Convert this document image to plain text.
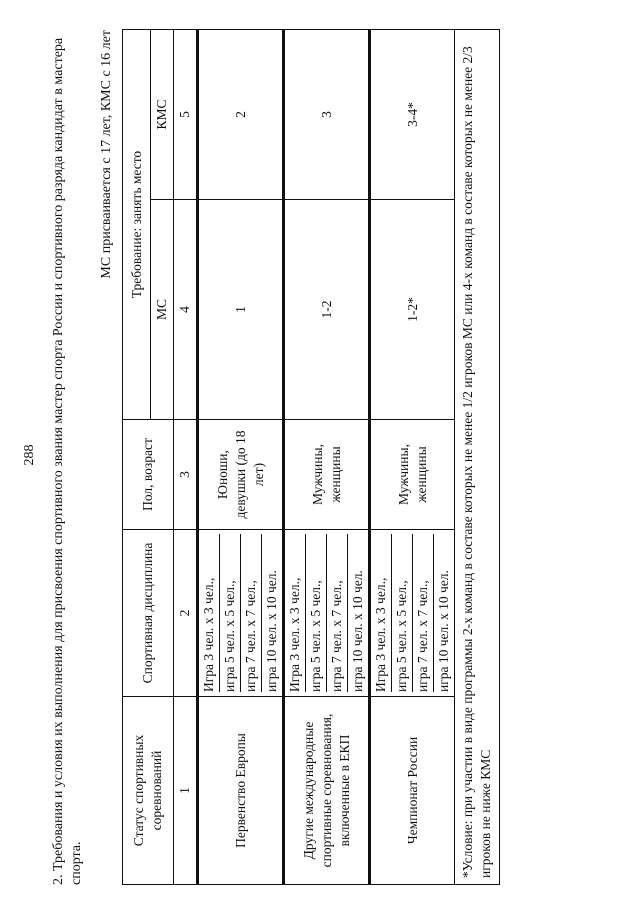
288 2. Требования и условия их выполнения для присвоения спортивного звания мастер спорта России и спортивного разряда кандидат в мастера спорта.
МС присваивается с 17 лет, КМС с 16 лет
Статус спортивных соревнований	Спортивная дисциплина	Пол, возраст	Требование: занять место	
			МС	КМС
1	2	3	4	5
Первенство Европы	Игра 3 чел. х 3 чел., игра 5 чел. х 5 чел., игра 7 чел. х 7 чел., игра 10 чел. х 10 чел.	Юноши, девушки (до 18 лет)	1	2
Другие международные спортивные соревнования, включенные в ЕКП	Игра 3 чел. х 3 чел., игра 5 чел. х 5 чел., игра 7 чел. х 7 чел., игра 10 чел. х 10 чел.	Мужчины, женщины	1-2	3
Чемпионат России	Игра 3 чел. х 3 чел., игра 5 чел. х 5 чел., игра 7 чел. х 7 чел., игра 10 чел. х 10 чел.	Мужчины, женщины	1-2*	3-4*
*Условие: при участии в виде программы 2-х команд в составе которых не менее 1/2 игроков МС или 4-х команд в составе которых не менее 2/3 игроков не ниже КМС				
